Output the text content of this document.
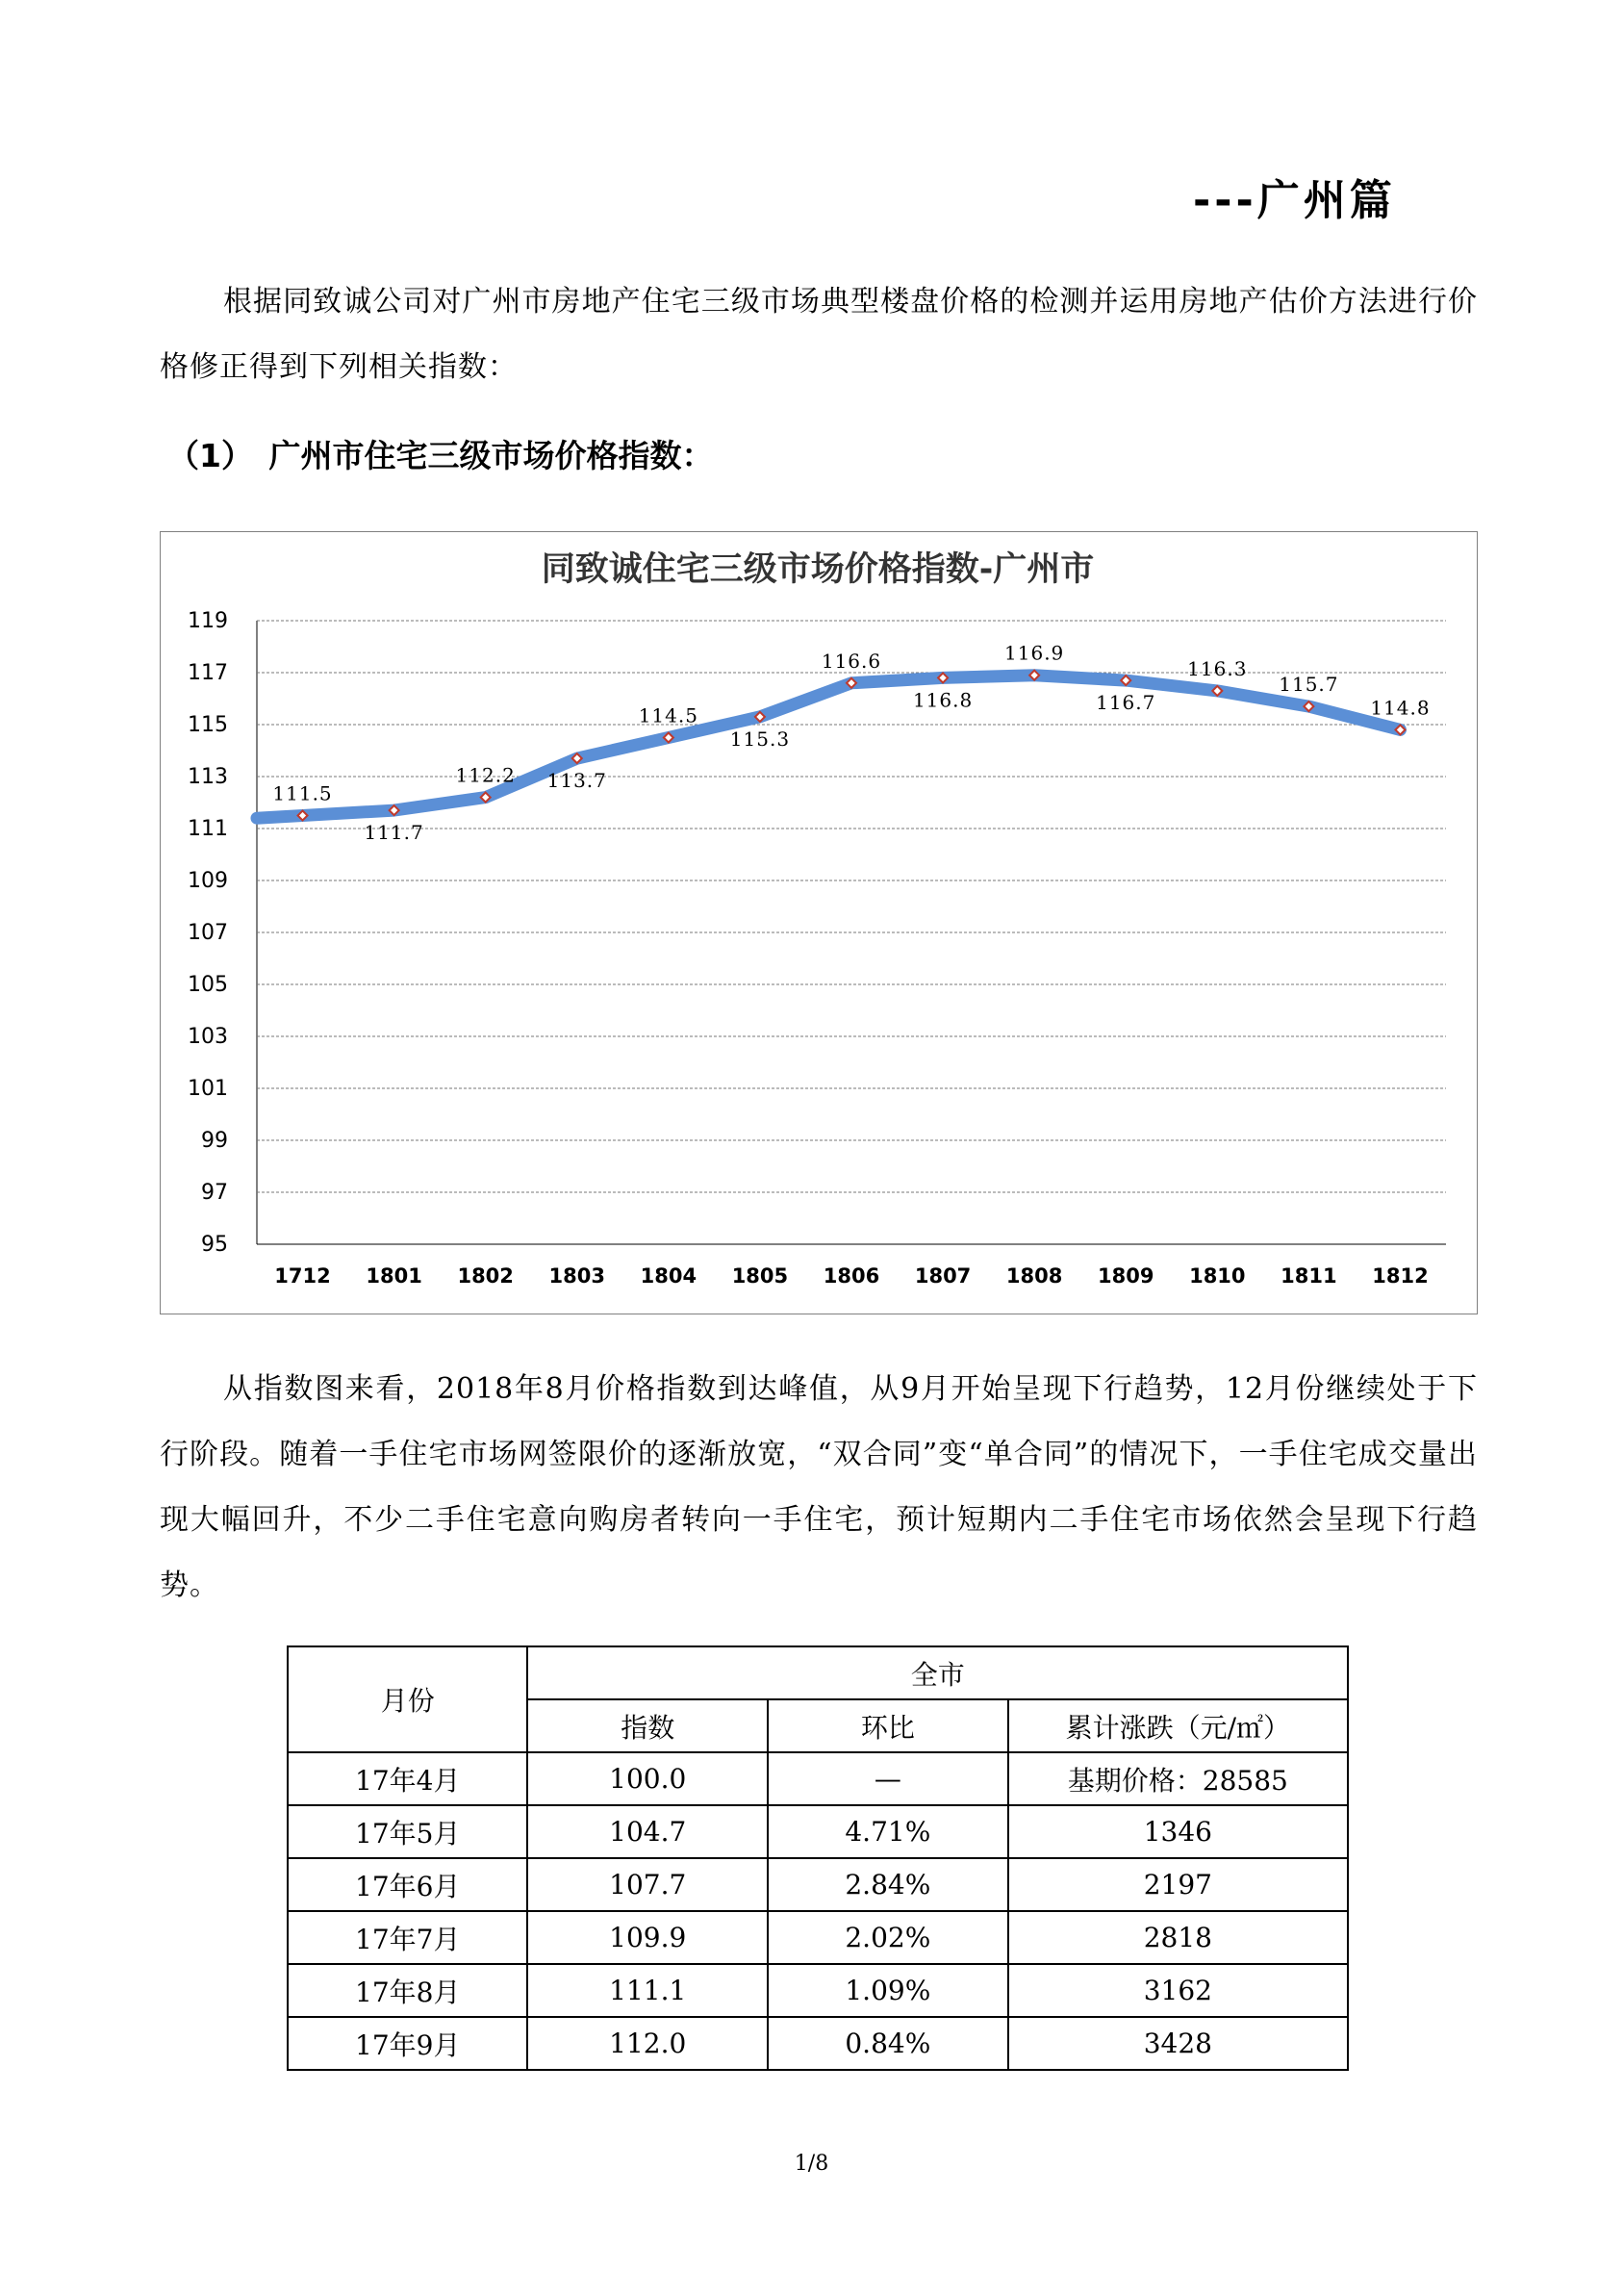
---广州篇
根据同致诚公司对广州市房地产住宅三级市场典型楼盘价格的检测并运用房地产估价方法进行价格修正得到下列相关指数：
（1）　广州市住宅三级市场价格指数：
同致诚住宅三级市场价格指数-广州市
119
117
115
113
111
109
107
105
103
101
99
97
95
1712 1801 1802 1803 1804 1805 1806 1807 1808 1809 1810 1811 1812
111.5
111.7
112.2 113.7
114.5
115.3
116.6
116.8
116.9
116.7
116.3
115.7
114.8
从指数图来看，2018年8月价格指数到达峰值，从9月开始呈现下行趋势，12月份继续处于下行阶段。随着一手住宅市场网签限价的逐渐放宽，“双合同”变“单合同”的情况下，一手住宅成交量出现大幅回升，不少二手住宅意向购房者转向一手住宅，预计短期内二手住宅市场依然会呈现下行趋势。
月份	全市		
	指数	环比	累计涨跌（元/㎡）
17年4月	100.0	—	基期价格：28585
17年5月	104.7	4.71%	1346
17年6月	107.7	2.84%	2197
17年7月	109.9	2.02%	2818
17年8月	111.1	1.09%	3162
17年9月	112.0	0.84%	3428
1/8
